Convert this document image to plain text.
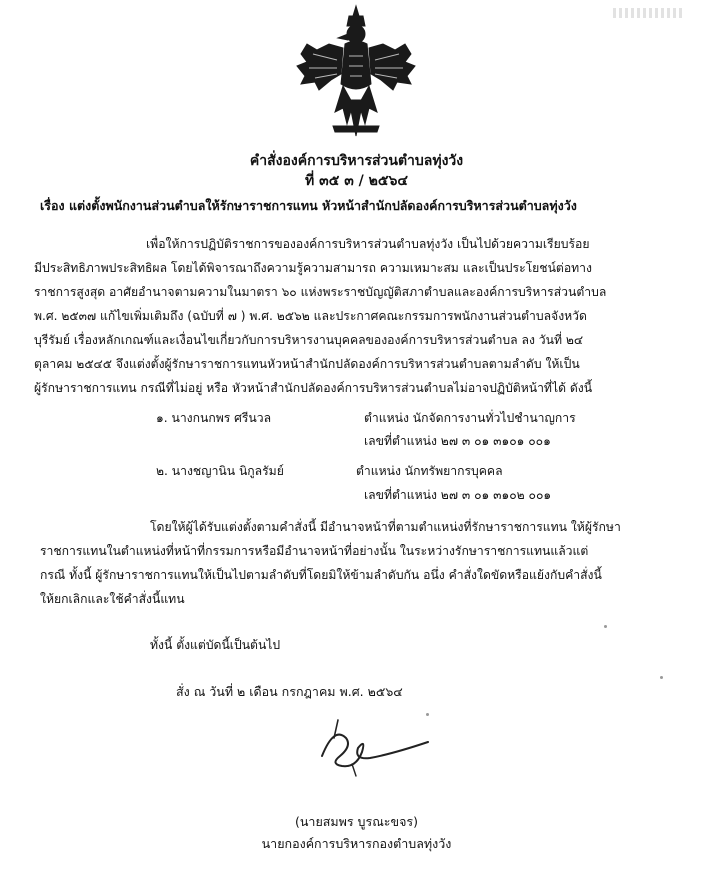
คำสั่งองค์การบริหารส่วนตำบลทุ่งวัง
ที่ ๓๕ ๓ / ๒๕๖๔
เรื่อง แต่งตั้งพนักงานส่วนตำบลให้รักษาราชการแทน หัวหน้าสำนักปลัดองค์การบริหารส่วนตำบลทุ่งวัง
เพื่อให้การปฏิบัติราชการขององค์การบริหารส่วนตำบลทุ่งวัง เป็นไปด้วยความเรียบร้อย
มีประสิทธิภาพประสิทธิผล โดยได้พิจารณาถึงความรู้ความสามารถ ความเหมาะสม และเป็นประโยชน์ต่อทาง
ราชการสูงสุด อาศัยอำนาจตามความในมาตรา ๖๐ แห่งพระราชบัญญัติสภาตำบลและองค์การบริหารส่วนตำบล
พ.ศ. ๒๕๓๗ แก้ไขเพิ่มเติมถึง (ฉบับที่ ๗ ) พ.ศ. ๒๕๖๒ และประกาศคณะกรรมการพนักงานส่วนตำบลจังหวัด
บุรีรัมย์ เรื่องหลักเกณฑ์และเงื่อนไขเกี่ยวกับการบริหารงานบุคคลขององค์การบริหารส่วนตำบล ลง วันที่ ๒๔
ตุลาคม ๒๕๔๕ จึงแต่งตั้งผู้รักษาราชการแทนหัวหน้าสำนักปลัดองค์การบริหารส่วนตำบลตามลำดับ ให้เป็น
ผู้รักษาราชการแทน กรณีที่ไม่อยู่ หรือ หัวหน้าสำนักปลัดองค์การบริหารส่วนตำบลไม่อาจปฏิบัติหน้าที่ได้ ดังนี้
๑. นางกนกพร ศรีนวล	ตำแหน่ง นักจัดการงานทั่วไปชำนาญการ
เลขที่ตำแหน่ง ๒๗ ๓ ๐๑ ๓๑๐๑ ๐๐๑
๒. นางชญานิน นิกูลรัมย์	ตำแหน่ง นักทรัพยากรบุคคล
เลขที่ตำแหน่ง ๒๗ ๓ ๐๑ ๓๑๐๒ ๐๐๑
โดยให้ผู้ได้รับแต่งตั้งตามคำสั่งนี้ มีอำนาจหน้าที่ตามตำแหน่งที่รักษาราชการแทน ให้ผู้รักษา
ราชการแทนในตำแหน่งที่หน้าที่กรรมการหรือมีอำนาจหน้าที่อย่างนั้น ในระหว่างรักษาราชการแทนแล้วแต่
กรณี ทั้งนี้ ผู้รักษาราชการแทนให้เป็นไปตามลำดับที่โดยมิให้ข้ามลำดับกัน อนึ่ง คำสั่งใดขัดหรือแย้งกับคำสั่งนี้
ให้ยกเลิกและใช้คำสั่งนี้แทน
ทั้งนี้ ตั้งแต่บัดนี้เป็นต้นไป
สั่ง ณ วันที่ ๒ เดือน กรกฎาคม พ.ศ. ๒๕๖๔
(นายสมพร บูรณะขจร)
นายกองค์การบริหารกองตำบลทุ่งวัง
